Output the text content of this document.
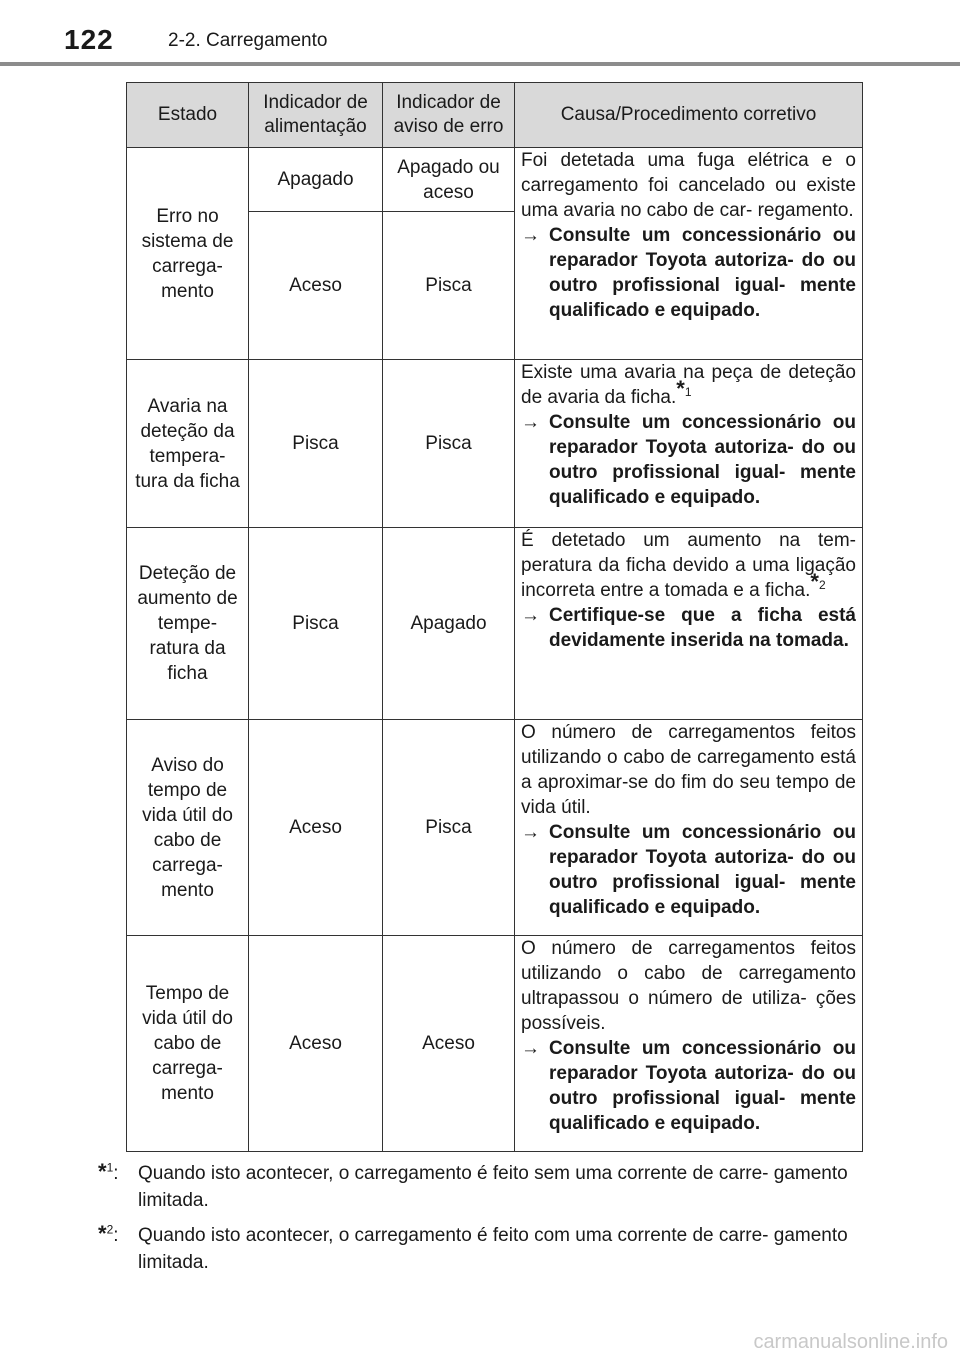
122	2-2. Carregamento
Estado	Indicador de alimentação	Indicador de aviso de erro	Causa/Procedimento corretivo
Erro no sistema de carrega- mento	Apagado	Apagado ou aceso	Foi detetada uma fuga elétrica e o carregamento foi cancelado ou existe uma avaria no cabo de car- regamento.
→ Consulte um concessionário ou reparador Toyota autoriza- do ou outro profissional igual- mente qualificado e equipado.

	Aceso	Pisca	
Avaria na deteção da tempera- tura da ficha	Pisca	Pisca	Existe uma avaria na peça de deteção de avaria da ficha.$^{*1}$
→ Consulte um concessionário ou reparador Toyota autoriza- do ou outro profissional igual- mente qualificado e equipado.

Deteção de aumento de tempe- ratura da ficha	Pisca	Apagado	É detetado um aumento na tem- peratura da ficha devido a uma ligação incorreta entre a tomada e a ficha.$^{*2}$
→ Certifique-se que a ficha está devidamente inserida na tomada.

Aviso do tempo de vida útil do cabo de carrega- mento	Aceso	Pisca	O número de carregamentos feitos utilizando o cabo de carregamento está a aproximar-se do fim do seu tempo de vida útil.
→ Consulte um concessionário ou reparador Toyota autoriza- do ou outro profissional igual- mente qualificado e equipado.

Tempo de vida útil do cabo de carrega- mento	Aceso	Aceso	O número de carregamentos feitos utilizando o cabo de carregamento ultrapassou o número de utiliza- ções possíveis.
→ Consulte um concessionário ou reparador Toyota autoriza- do ou outro profissional igual- mente qualificado e equipado.
*$^1$:	Quando isto acontecer, o carregamento é feito sem uma corrente de carre- gamento limitada.
*$^2$:	Quando isto acontecer, o carregamento é feito com uma corrente de carre- gamento limitada.
carmanualsonline.info
